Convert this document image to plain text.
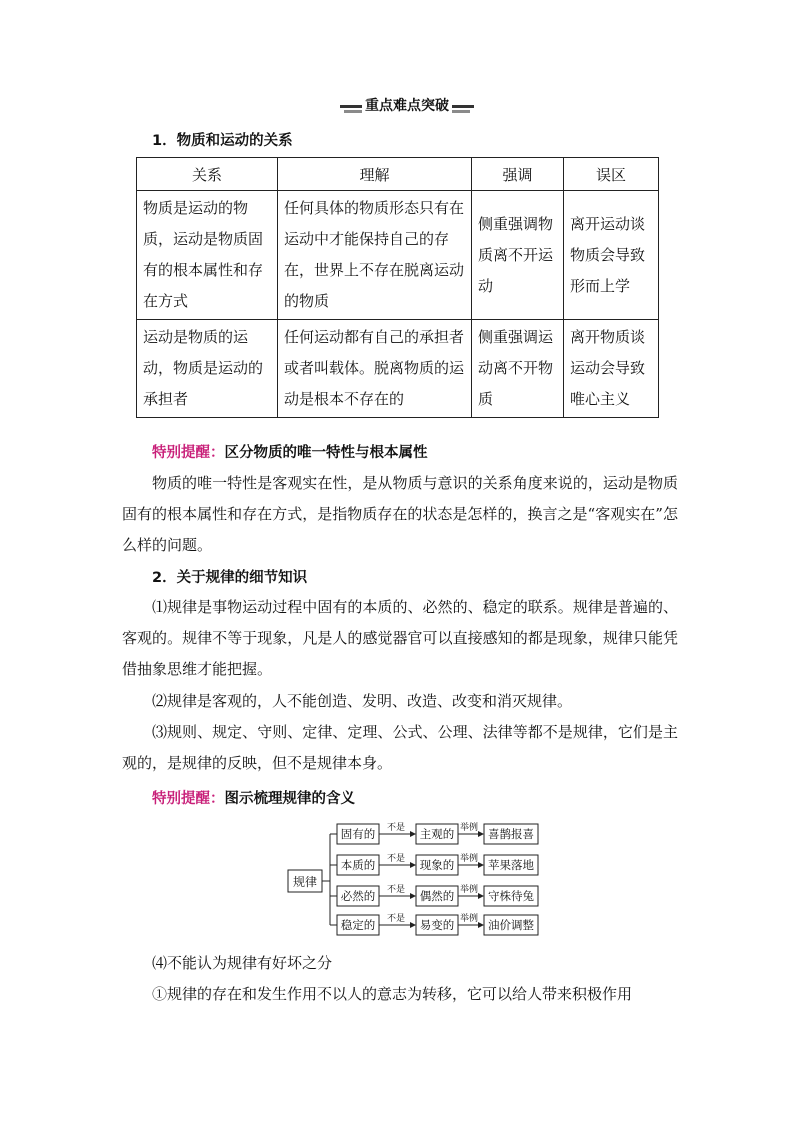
重点难点突破
1．物质和运动的关系
关系	理解	强调	误区
物质是运动的物质，运动是物质固有的根本属性和存在方式	任何具体的物质形态只有在运动中才能保持自己的存在，世界上不存在脱离运动的物质	侧重强调物质离不开运动	离开运动谈物质会导致形而上学
运动是物质的运动，物质是运动的承担者	任何运动都有自己的承担者或者叫载体。脱离物质的运动是根本不存在的	侧重强调运动离不开物质	离开物质谈运动会导致唯心主义
特别提醒：区分物质的唯一特性与根本属性

物质的唯一特性是客观实在性，是从物质与意识的关系角度来说的，运动是物质固有的根本属性和存在方式，是指物质存在的状态是怎样的，换言之是“客观实在”怎么样的问题。

2．关于规律的细节知识

⑴规律是事物运动过程中固有的本质的、必然的、稳定的联系。规律是普遍的、客观的。规律不等于现象，凡是人的感觉器官可以直接感知的都是现象，规律只能凭借抽象思维才能把握。

⑵规律是客观的，人不能创造、发明、改造、改变和消灭规律。

⑶规则、规定、守则、定律、定理、公式、公理、法律等都不是规律，它们是主观的，是规律的反映，但不是规律本身。

特别提醒：图示梳理规律的含义
规律
固有的 不是 主观的 举例 喜鹊报喜
本质的 不是 现象的 举例 苹果落地
必然的 不是 偶然的 举例 守株待兔
稳定的 不是 易变的 举例 油价调整

⑷不能认为规律有好坏之分

①规律的存在和发生作用不以人的意志为转移，它可以给人带来积极作用
